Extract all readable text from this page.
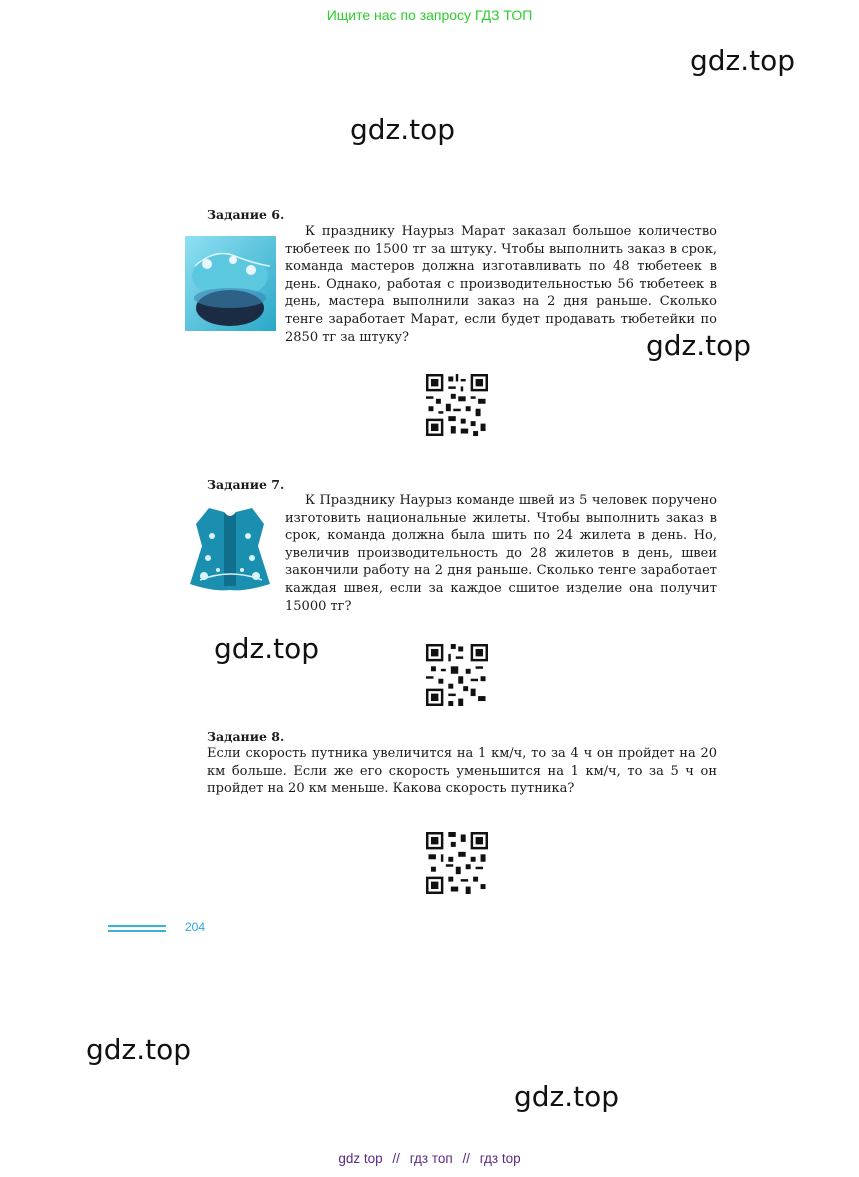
Ищите нас по запросу ГДЗ ТОП
gdz.top
gdz.top
gdz.top
gdz.top
gdz.top
gdz.top
Задание 6.
К празднику Наурыз Марат заказал большое количество тюбетеек по 1500 тг за штуку. Чтобы выполнить заказ в срок, команда мастеров должна изготавливать по 48 тюбетеек в день. Однако, работая с производительностью 56 тюбетеек в день, мастера выполнили заказ на 2 дня раньше. Сколько тенге заработает Марат, если будет продавать тюбетейки по 2850 тг за штуку?
Задание 7.
К Празднику Наурыз команде швей из 5 человек поручено изготовить национальные жилеты. Чтобы выполнить заказ в срок, команда должна была шить по 24 жилета в день. Но, увеличив производительность до 28 жилетов в день, швеи закончили работу на 2 дня раньше. Сколько тенге заработает каждая швея, если за каждое сшитое изделие она получит 15000 тг?
Задание 8.
Если скорость путника увеличится на 1 км/ч, то за 4 ч он пройдет на 20 км больше. Если же его скорость уменьшится на 1 км/ч, то за 5 ч он пройдет на 20 км меньше. Какова скорость путника?
204
gdz top // гдз топ // гдз top
